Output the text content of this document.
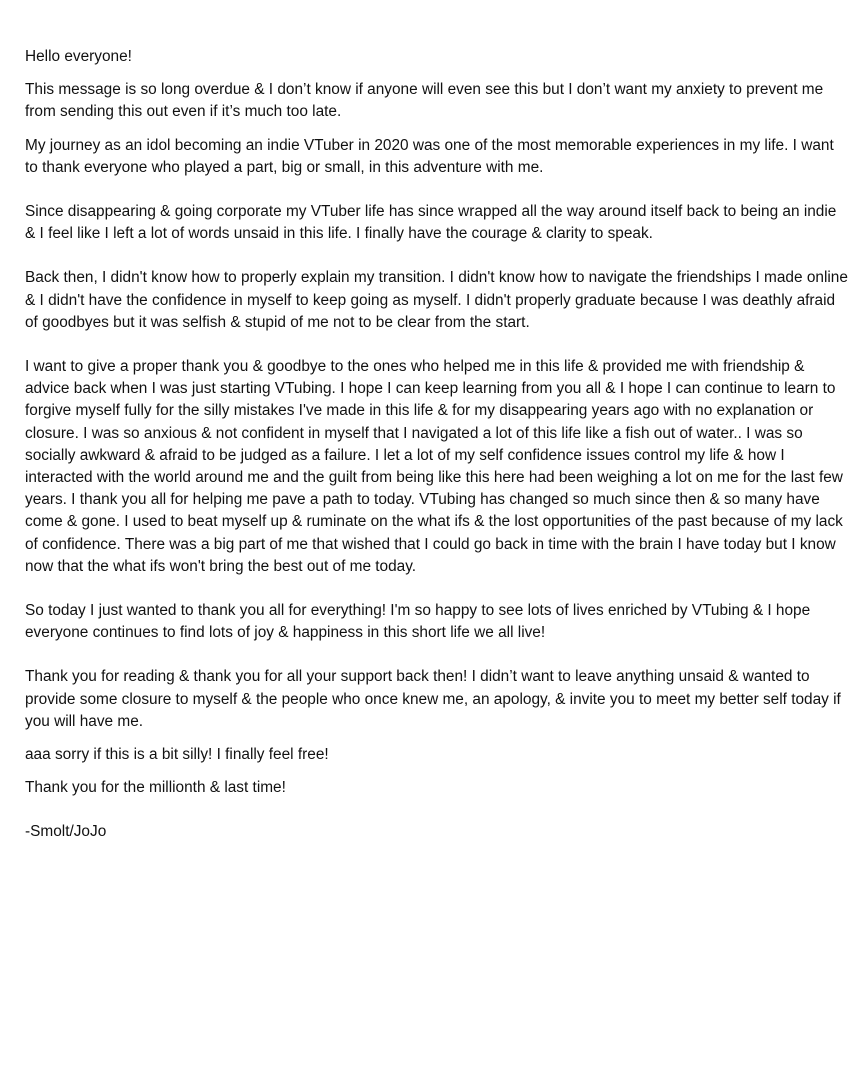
Hello everyone!

This message is so long overdue & I don’t know if anyone will even see this but I don’t want my anxiety to prevent me from sending this out even if it’s much too late.

My journey as an idol becoming an indie VTuber in 2020 was one of the most memorable experiences in my life. I want to thank everyone who played a part, big or small, in this adventure with me.

Since disappearing & going corporate my VTuber life has since wrapped all the way around itself back to being an indie & I feel like I left a lot of words unsaid in this life. I finally have the courage & clarity to speak.

Back then, I didn't know how to properly explain my transition. I didn't know how to navigate the friendships I made online & I didn't have the confidence in myself to keep going as myself. I didn't properly graduate because I was deathly afraid of goodbyes but it was selfish & stupid of me not to be clear from the start.

I want to give a proper thank you & goodbye to the ones who helped me in this life & provided me with friendship & advice back when I was just starting VTubing. I hope I can keep learning from you all & I hope I can continue to learn to forgive myself fully for the silly mistakes I've made in this life & for my disappearing years ago with no explanation or closure. I was so anxious & not confident in myself that I navigated a lot of this life like a fish out of water.. I was so socially awkward & afraid to be judged as a failure. I let a lot of my self confidence issues control my life & how I interacted with the world around me and the guilt from being like this here had been weighing a lot on me for the last few years. I thank you all for helping me pave a path to today. VTubing has changed so much since then & so many have come & gone. I used to beat myself up & ruminate on the what ifs & the lost opportunities of the past because of my lack of confidence. There was a big part of me that wished that I could go back in time with the brain I have today but I know now that the what ifs won't bring the best out of me today.

So today I just wanted to thank you all for everything! I'm so happy to see lots of lives enriched by VTubing & I hope everyone continues to find lots of joy & happiness in this short life we all live!

Thank you for reading & thank you for all your support back then! I didn’t want to leave anything unsaid & wanted to provide some closure to myself & the people who once knew me, an apology, & invite you to meet my better self today if you will have me.

aaa sorry if this is a bit silly! I finally feel free!

Thank you for the millionth & last time!

-Smolt/JoJo
